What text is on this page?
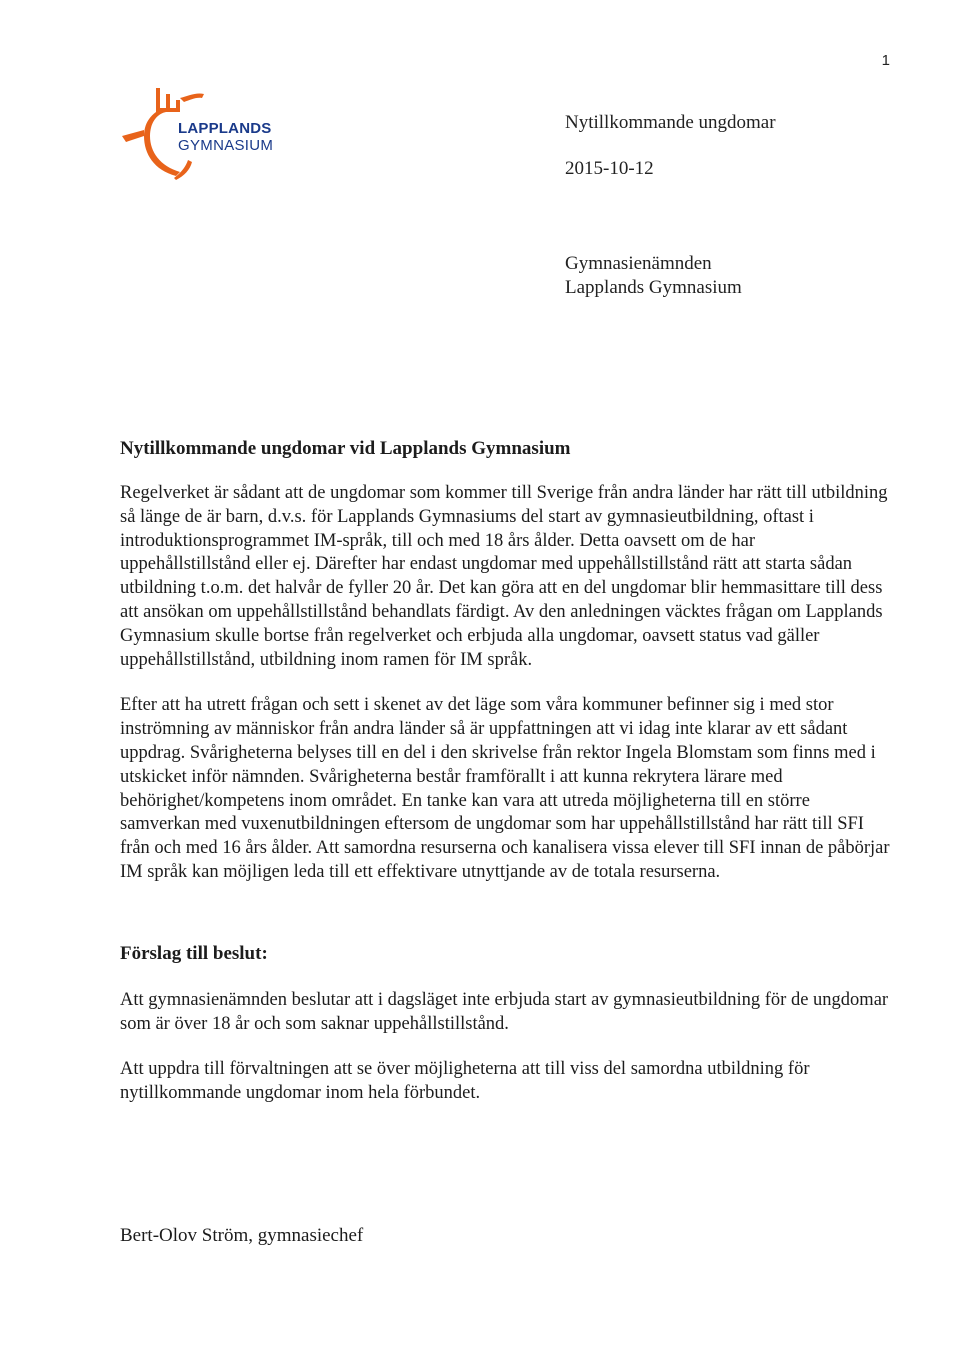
1
LAPPLANDS
GYMNASIUM
Nytillkommande ungdomar
2015-10-12
Gymnasienämnden
Lapplands Gymnasium
Nytillkommande ungdomar vid Lapplands Gymnasium

Regelverket är sådant att de ungdomar som kommer till Sverige från andra länder har rätt till utbildning så länge de är barn, d.v.s. för Lapplands Gymnasiums del start av gymnasieutbildning, oftast i introduktionsprogrammet IM-språk, till och med 18 års ålder. Detta oavsett om de har uppehållstillstånd eller ej. Därefter har endast ungdomar med uppehållstillstånd rätt att starta sådan utbildning t.o.m. det halvår de fyller 20 år. Det kan göra att en del ungdomar blir hemmasittare till dess att ansökan om uppehållstillstånd behandlats färdigt. Av den anledningen väcktes frågan om Lapplands Gymnasium skulle bortse från regelverket och erbjuda alla ungdomar, oavsett status vad gäller uppehållstillstånd, utbildning inom ramen för IM språk.

Efter att ha utrett frågan och sett i skenet av det läge som våra kommuner befinner sig i med stor inströmning av människor från andra länder så är uppfattningen att vi idag inte klarar av ett sådant uppdrag. Svårigheterna belyses till en del i den skrivelse från rektor Ingela Blomstam som finns med i utskicket inför nämnden. Svårigheterna består framförallt i att kunna rekrytera lärare med behörighet/kompetens inom området. En tanke kan vara att utreda möjligheterna till en större samverkan med vuxenutbildningen eftersom de ungdomar som har uppehållstillstånd har rätt till SFI från och med 16 års ålder. Att samordna resurserna och kanalisera vissa elever till SFI innan de påbörjar IM språk kan möjligen leda till ett effektivare utnyttjande av de totala resurserna.

Förslag till beslut:

Att gymnasienämnden beslutar att i dagsläget inte erbjuda start av gymnasieutbildning för de ungdomar som är över 18 år och som saknar uppehållstillstånd.

Att uppdra till förvaltningen att se över möjligheterna att till viss del samordna utbildning för nytillkommande ungdomar inom hela förbundet.

Bert-Olov Ström, gymnasiechef
